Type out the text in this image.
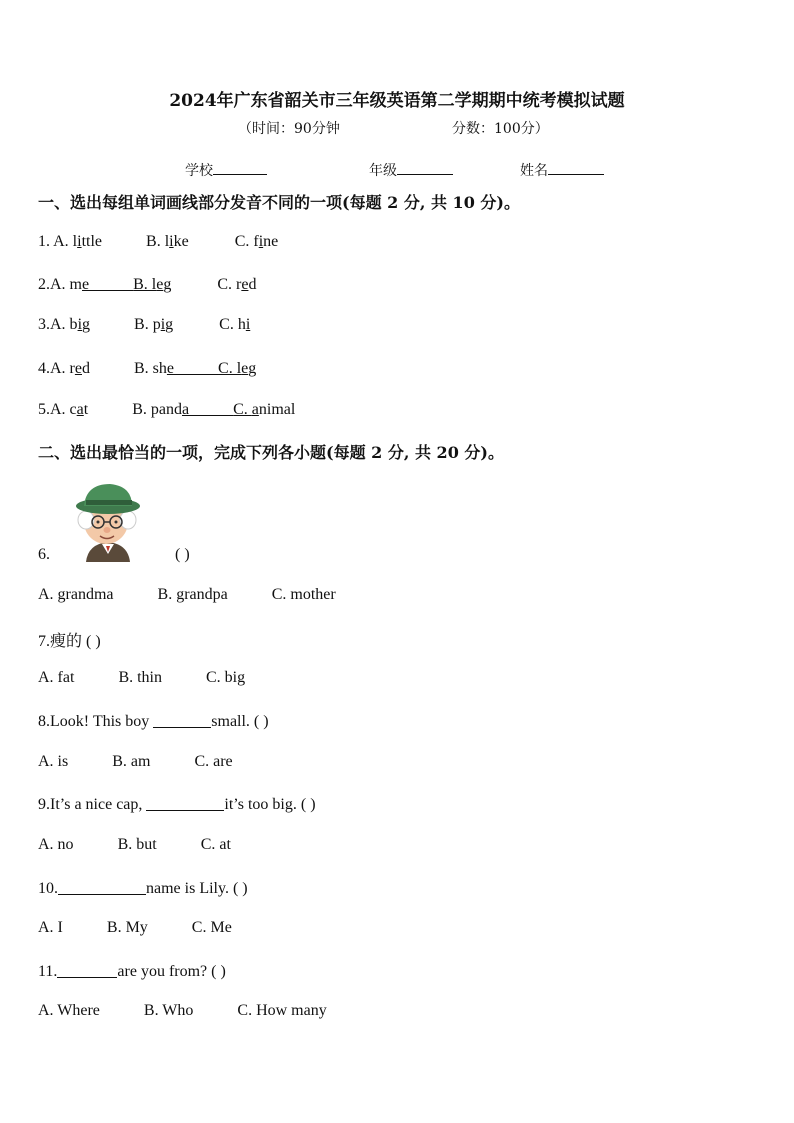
2024年广东省韶关市三年级英语第二学期期中统考模拟试题
（时间：90分钟	分数：100分）
学校	年级	姓名
一、选出每组单词画线部分发音不同的一项(每题 2 分, 共 10 分)。
1. A. little	B. like	C. fine
2.A. me	B. leg	C. red
3.A. big	B. pig	C. hi
4.A. red	B. she	C. leg
5.A. cat	B. panda	C. animal
二、选出最恰当的一项，完成下列各小题(每题 2 分, 共 20 分)。
6.	( )
A. grandma	B. grandpa	C. mother
7.瘦的 ( )
A. fat	B. thin	C. big
8.Look! This boy	small. ( )
A. is	B. am	C. are
9.It’s a nice cap,	it’s too big. ( )
A. no	B. but	C. at
10.	name is Lily. ( )
A. I	B. My	C. Me
11.	are you from? ( )
A. Where	B. Who	C. How many
